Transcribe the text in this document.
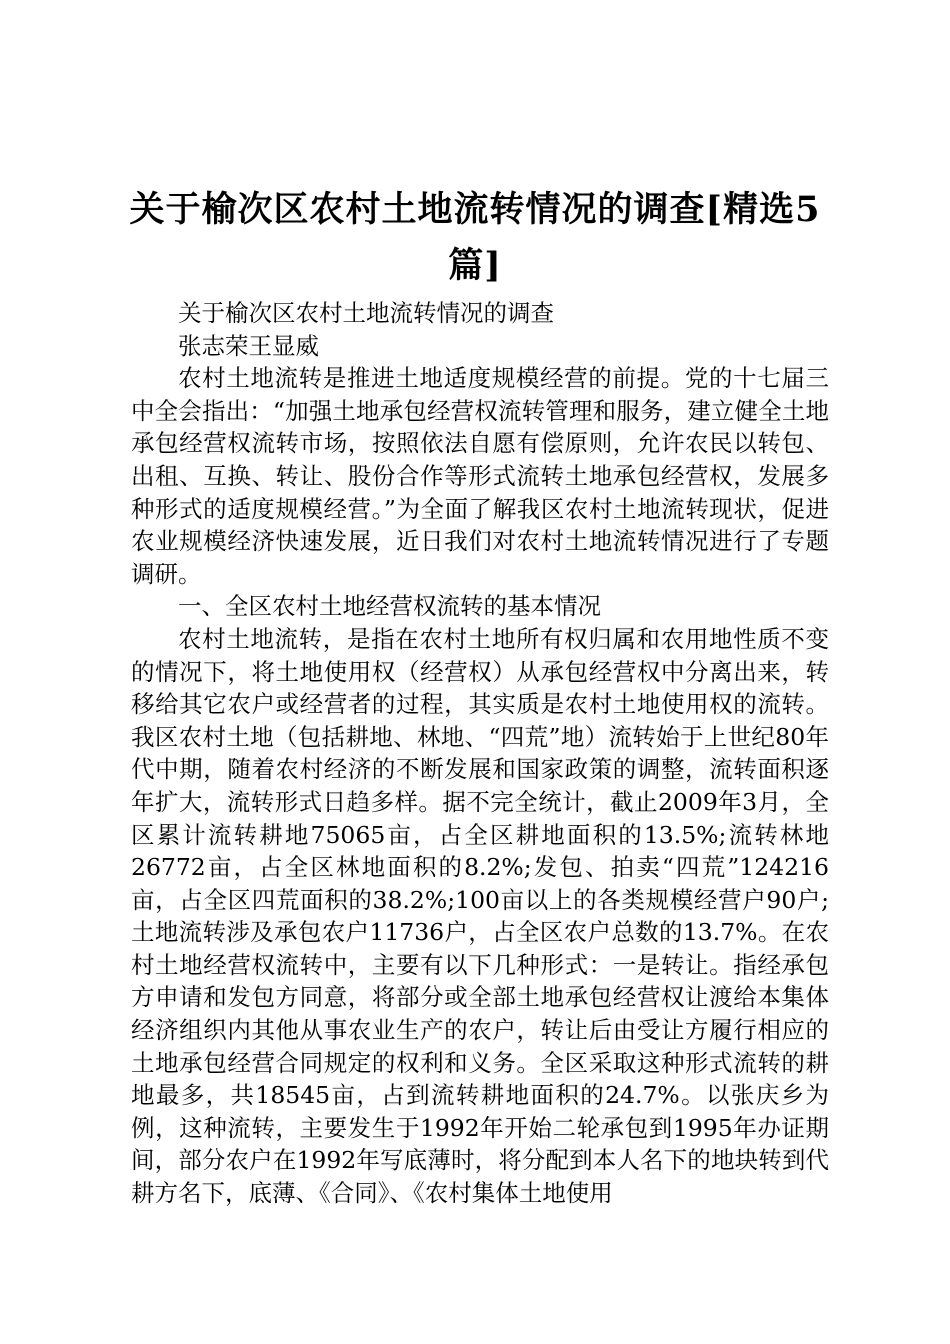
关于榆次区农村土地流转情况的调查[精选5篇]

关于榆次区农村土地流转情况的调查

张志荣王显威

农村土地流转是推进土地适度规模经营的前提。党的十七届三中全会指出：“加强土地承包经营权流转管理和服务，建立健全土地承包经营权流转市场，按照依法自愿有偿原则，允许农民以转包、出租、互换、转让、股份合作等形式流转土地承包经营权，发展多种形式的适度规模经营。”为全面了解我区农村土地流转现状，促进农业规模经济快速发展，近日我们对农村土地流转情况进行了专题调研。

一、全区农村土地经营权流转的基本情况

农村土地流转，是指在农村土地所有权归属和农用地性质不变的情况下，将土地使用权（经营权）从承包经营权中分离出来，转移给其它农户或经营者的过程，其实质是农村土地使用权的流转。我区农村土地（包括耕地、林地、“四荒”地）流转始于上世纪80年代中期，随着农村经济的不断发展和国家政策的调整，流转面积逐年扩大，流转形式日趋多样。据不完全统计，截止2009年3月，全区累计流转耕地75065亩，占全区耕地面积的13.5%;流转林地26772亩，占全区林地面积的8.2%;发包、拍卖“四荒”124216亩，占全区四荒面积的38.2%;100亩以上的各类规模经营户90户;土地流转涉及承包农户11736户，占全区农户总数的13.7%。在农村土地经营权流转中，主要有以下几种形式：一是转让。指经承包方申请和发包方同意，将部分或全部土地承包经营权让渡给本集体经济组织内其他从事农业生产的农户，转让后由受让方履行相应的土地承包经营合同规定的权利和义务。全区采取这种形式流转的耕地最多，共18545亩，占到流转耕地面积的24.7%。以张庆乡为例，这种流转，主要发生于1992年开始二轮承包到1995年办证期间，部分农户在1992年写底薄时，将分配到本人名下的地块转到代耕方名下，底薄、《合同》、《农村集体土地使用
